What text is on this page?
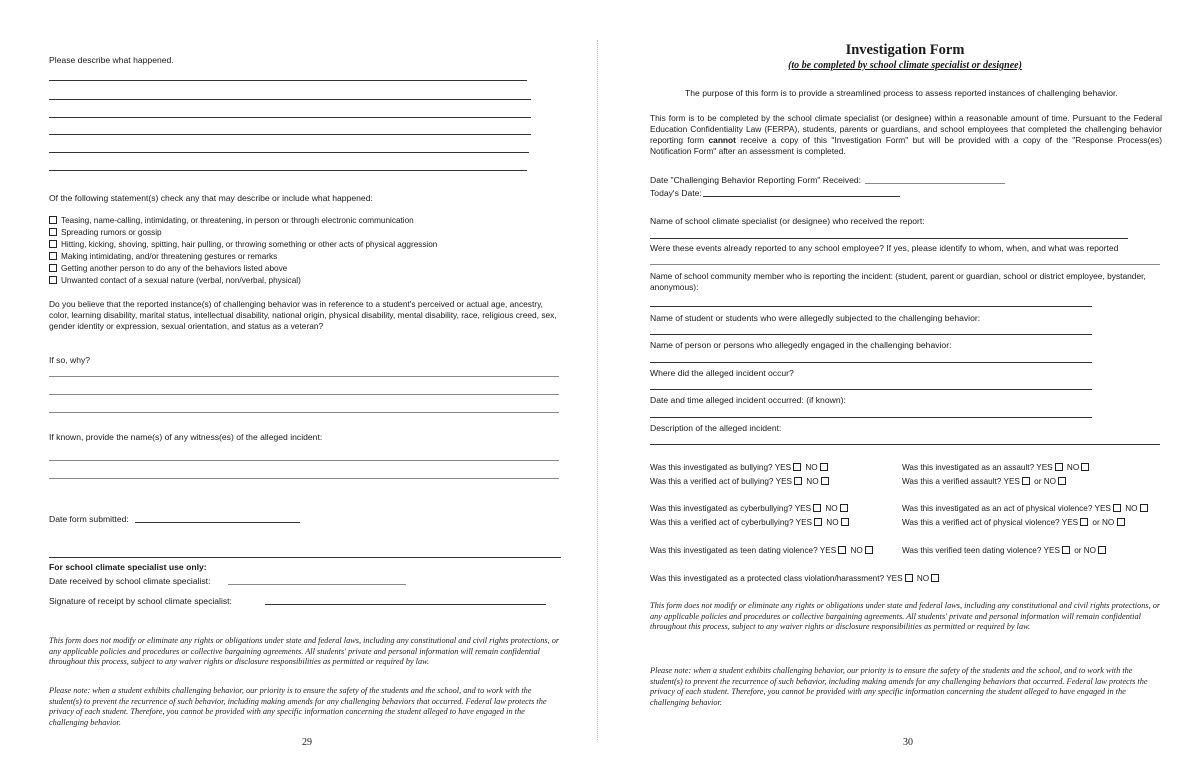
Please describe what happened.
Of the following statement(s) check any that may describe or include what happened:
Teasing, name-calling, intimidating, or threatening, in person or through electronic communication
Spreading rumors or gossip
Hitting, kicking, shoving, spitting, hair pulling, or throwing something or other acts of physical aggression
Making intimidating, and/or threatening gestures or remarks
Getting another person to do any of the behaviors listed above
Unwanted contact of a sexual nature (verbal, non/verbal, physical)
Do you believe that the reported instance(s) of challenging behavior was in reference to a student's perceived or actual age, ancestry, color, learning disability, marital status, intellectual disability, national origin, physical disability, mental disability, race, religious creed, sex, gender identity or expression, sexual orientation, and status as a veteran?
If so, why?
If known, provide the name(s) of any witness(es) of the alleged incident:
Date form submitted:
For school climate specialist use only:
Date received by school climate specialist:
Signature of receipt by school climate specialist:
This form does not modify or eliminate any rights or obligations under state and federal laws, including any constitutional and civil rights protections, or any applicable policies and procedures or collective bargaining agreements. All students' private and personal information will remain confidential throughout this process, subject to any waiver rights or disclosure responsibilities as permitted or required by law.
Please note: when a student exhibits challenging behavior, our priority is to ensure the safety of the students and the school, and to work with the student(s) to prevent the recurrence of such behavior, including making amends for any challenging behaviors that occurred. Federal law protects the privacy of each student. Therefore, you cannot be provided with any specific information concerning the student alleged to have engaged in the challenging behavior.
29
Investigation Form
(to be completed by school climate specialist or designee)
The purpose of this form is to provide a streamlined process to assess reported instances of challenging behavior.
This form is to be completed by the school climate specialist (or designee) within a reasonable amount of time. Pursuant to the Federal Education Confidentiality Law (FERPA), students, parents or guardians, and school employees that completed the challenging behavior reporting form cannot receive a copy of this "Investigation Form" but will be provided with a copy of the "Response Process(es) Notification Form" after an assessment is completed.
Date "Challenging Behavior Reporting Form" Received:
Today's Date:
Name of school climate specialist (or designee) who received the report:
Were these events already reported to any school employee? If yes, please identify to whom, when, and what was reported
Name of school community member who is reporting the incident: (student, parent or guardian, school or district employee, bystander, anonymous):
Name of student or students who were allegedly subjected to the challenging behavior:
Name of person or persons who allegedly engaged in the challenging behavior:
Where did the alleged incident occur?
Date and time alleged incident occurred: (if known):
Description of the alleged incident:
Was this investigated as bullying? YES NO
Was this a verified act of bullying? YES NO
Was this investigated as cyberbullying? YES NO
Was this a verified act of cyberbullying? YES NO
Was this investigated as teen dating violence? YES NO
Was this investigated as a protected class violation/harassment? YES NO
Was this investigated as an assault? YES NO
Was this a verified assault? YES or NO
Was this investigated as an act of physical violence? YES NO
Was this a verified act of physical violence? YES or NO
Was this verified teen dating violence? YES or NO
This form does not modify or eliminate any rights or obligations under state and federal laws, including any constitutional and civil rights protections, or any applicable policies and procedures or collective bargaining agreements. All students' private and personal information will remain confidential throughout this process, subject to any waiver rights or disclosure responsibilities as permitted or required by law.
Please note: when a student exhibits challenging behavior, our priority is to ensure the safety of the students and the school, and to work with the student(s) to prevent the recurrence of such behavior, including making amends for any challenging behaviors that occurred. Federal law protects the privacy of each student. Therefore, you cannot be provided with any specific information concerning the student alleged to have engaged in the challenging behavior.
30
